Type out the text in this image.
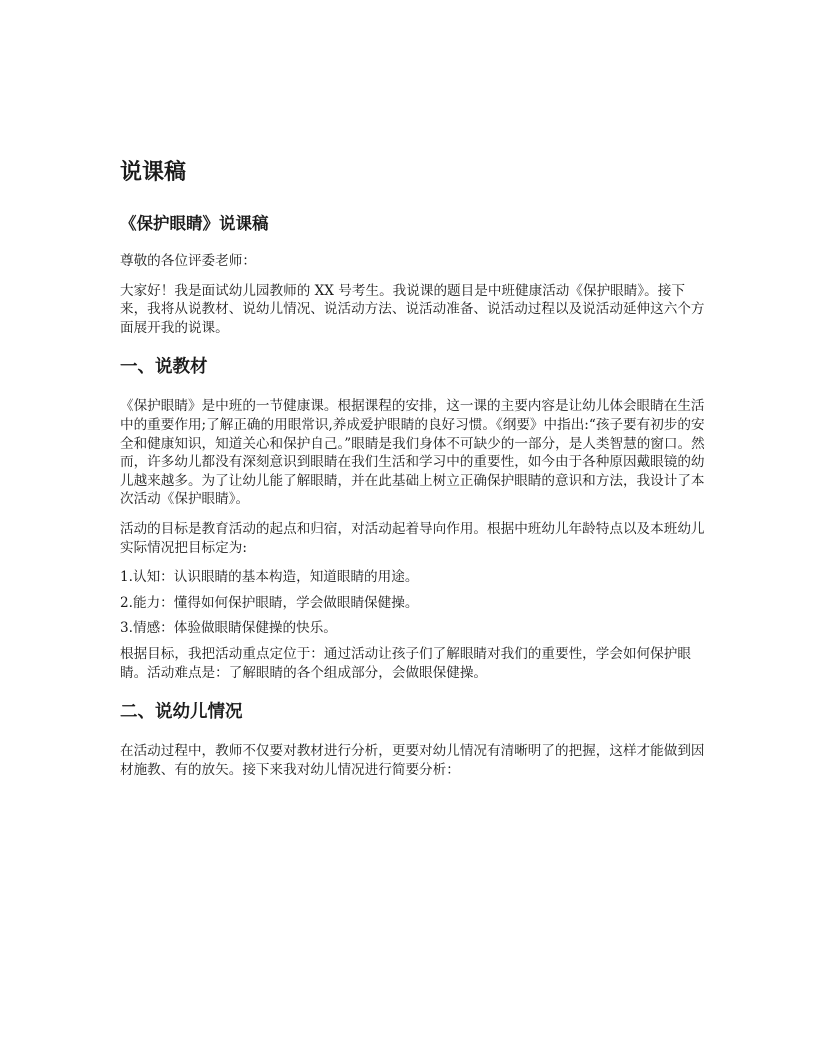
说课稿
《保护眼睛》说课稿

尊敬的各位评委老师：

大家好！我是面试幼儿园教师的 XX 号考生。我说课的题目是中班健康活动《保护眼睛》。接下来，我将从说教材、说幼儿情况、说活动方法、说活动准备、说活动过程以及说活动延伸这六个方面展开我的说课。

一、说教材

《保护眼睛》是中班的一节健康课。根据课程的安排，这一课的主要内容是让幼儿体会眼睛在生活中的重要作用;了解正确的用眼常识,养成爱护眼睛的良好习惯。《纲要》中指出:“孩子要有初步的安全和健康知识，知道关心和保护自己。”眼睛是我们身体不可缺少的一部分，是人类智慧的窗口。然而，许多幼儿都没有深刻意识到眼睛在我们生活和学习中的重要性，如今由于各种原因戴眼镜的幼儿越来越多。为了让幼儿能了解眼睛，并在此基础上树立正确保护眼睛的意识和方法，我设计了本次活动《保护眼睛》。

活动的目标是教育活动的起点和归宿，对活动起着导向作用。根据中班幼儿年龄特点以及本班幼儿实际情况把目标定为:

1.认知：认识眼睛的基本构造，知道眼睛的用途。

2.能力：懂得如何保护眼睛，学会做眼睛保健操。

3.情感：体验做眼睛保健操的快乐。

根据目标，我把活动重点定位于：通过活动让孩子们了解眼睛对我们的重要性，学会如何保护眼睛。活动难点是：了解眼睛的各个组成部分，会做眼保健操。

二、说幼儿情况

在活动过程中，教师不仅要对教材进行分析，更要对幼儿情况有清晰明了的把握，这样才能做到因材施教、有的放矢。接下来我对幼儿情况进行简要分析：
